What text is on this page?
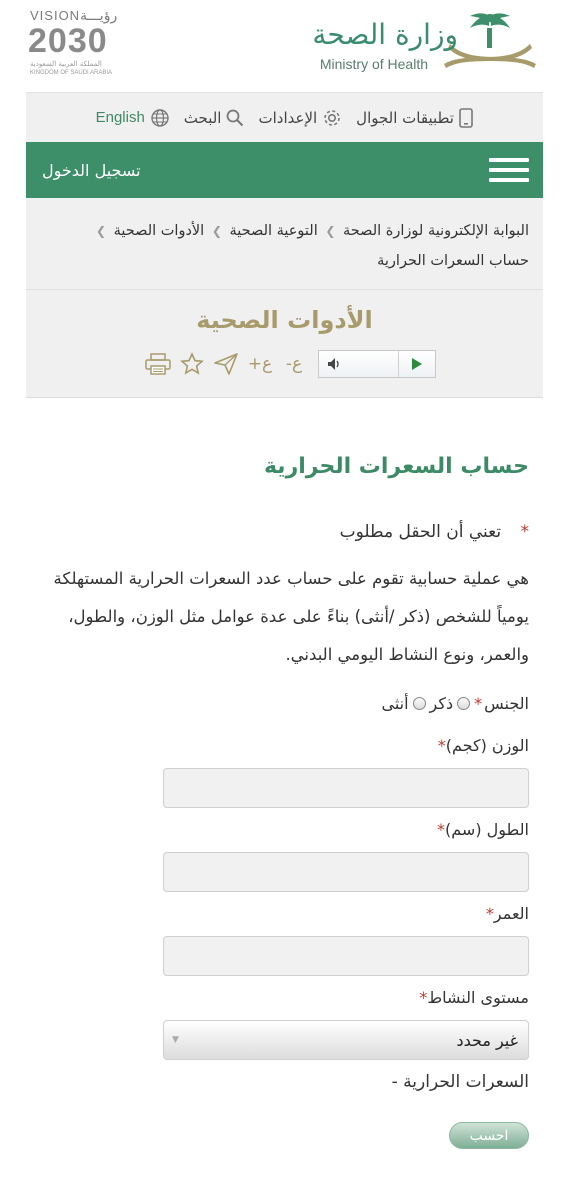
VISION رؤيـــة
2030
المملكة العربية السعودية
KINGDOM OF SAUDI ARABIA
وزارة الصحة
Ministry of Health
تطبيقات الجوال
الإعدادات
البحث
English
تسجيل الدخول
البوابة الإلكترونية لوزارة الصحة ❯ التوعية الصحية ❯ الأدوات الصحية ❯
حساب السعرات الحرارية
الأدوات الصحية
+ع -ع
حساب السعرات الحرارية
* تعني أن الحقل مطلوب

هي عملية حسابية تقوم على حساب عدد السعرات الحرارية المستهلكة يومياً للشخص (ذكر /أنثى) بناءً على عدة عوامل مثل الوزن، والطول، والعمر، ونوع النشاط اليومي البدني.

الجنس
*
ذكر
أنثى
الوزن (كجم)*
الطول (سم)*
العمر*
مستوى النشاط*
غير محدد
▼
السعرات الحرارية -
احسب
